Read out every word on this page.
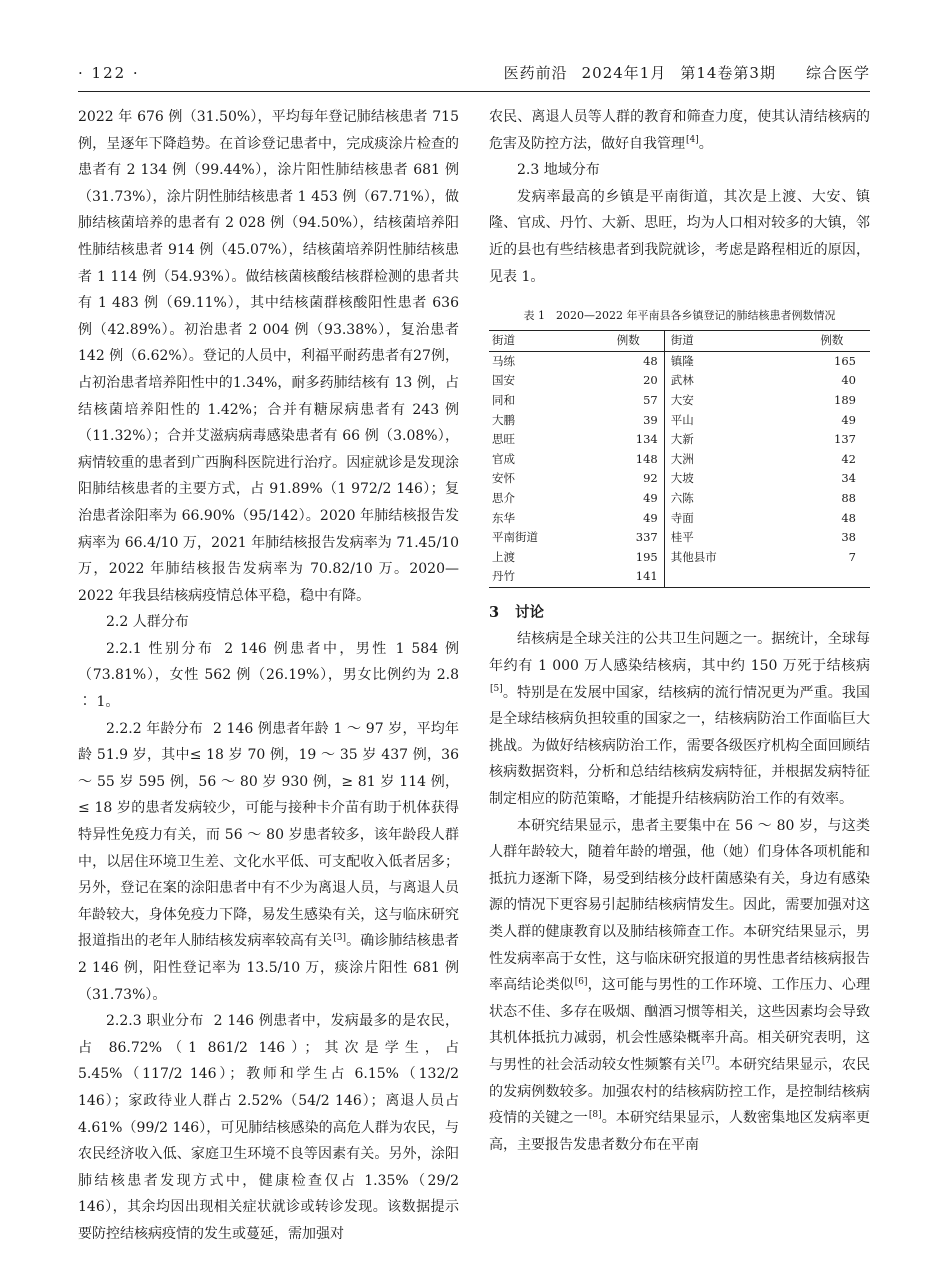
· 122 ·	医药前沿 2024年1月 第14卷第3期 综合医学

2022 年 676 例（31.50%），平均每年登记肺结核患者 715 例，呈逐年下降趋势。在首诊登记患者中，完成痰涂片检查的患者有 2 134 例（99.44%），涂片阳性肺结核患者 681 例（31.73%），涂片阴性肺结核患者 1 453 例（67.71%），做肺结核菌培养的患者有 2 028 例（94.50%），结核菌培养阳性肺结核患者 914 例（45.07%），结核菌培养阴性肺结核患者 1 114 例（54.93%）。做结核菌核酸结核群检测的患者共有 1 483 例（69.11%），其中结核菌群核酸阳性患者 636 例（42.89%）。初治患者 2 004 例（93.38%），复治患者 142 例（6.62%）。登记的人员中，利福平耐药患者有27例，占初治患者培养阳性中的1.34%，耐多药肺结核有 13 例，占结核菌培养阳性的 1.42%；合并有糖尿病患者有 243 例（11.32%）；合并艾滋病病毒感染患者有 66 例（3.08%），病情较重的患者到广西胸科医院进行治疗。因症就诊是发现涂阳肺结核患者的主要方式，占 91.89%（1 972/2 146）；复治患者涂阳率为 66.90%（95/142）。2020 年肺结核报告发病率为 66.4/10 万，2021 年肺结核报告发病率为 71.45/10 万，2022 年肺结核报告发病率为 70.82/10 万。2020—2022 年我县结核病疫情总体平稳，稳中有降。

2.2 人群分布

2.2.1 性别分布 2 146 例患者中，男性 1 584 例（73.81%），女性 562 例（26.19%），男女比例约为 2.8 ∶ 1。

2.2.2 年龄分布 2 146 例患者年龄 1 ～ 97 岁，平均年龄 51.9 岁，其中≤ 18 岁 70 例，19 ～ 35 岁 437 例，36 ～ 55 岁 595 例，56 ～ 80 岁 930 例，≥ 81 岁 114 例，≤ 18 岁的患者发病较少，可能与接种卡介苗有助于机体获得特异性免疫力有关，而 56 ～ 80 岁患者较多，该年龄段人群中，以居住环境卫生差、文化水平低、可支配收入低者居多；另外，登记在案的涂阳患者中有不少为离退人员，与离退人员年龄较大，身体免疫力下降，易发生感染有关，这与临床研究报道指出的老年人肺结核发病率较高有关[3]。确诊肺结核患者 2 146 例，阳性登记率为 13.5/10 万，痰涂片阳性 681 例（31.73%）。

2.2.3 职业分布 2 146 例患者中，发病最多的是农民，占 86.72%（1 861/2 146）；其次是学生，占 5.45%（117/2 146）；教师和学生占 6.15%（132/2 146）；家政待业人群占 2.52%（54/2 146）；离退人员占 4.61%（99/2 146），可见肺结核感染的高危人群为农民，与农民经济收入低、家庭卫生环境不良等因素有关。另外，涂阳肺结核患者发现方式中，健康检查仅占 1.35%（29/2 146），其余均因出现相关症状就诊或转诊发现。该数据提示要防控结核病疫情的发生或蔓延，需加强对

农民、离退人员等人群的教育和筛查力度，使其认清结核病的危害及防控方法，做好自我管理[4]。

2.3 地域分布

发病率最高的乡镇是平南街道，其次是上渡、大安、镇隆、官成、丹竹、大新、思旺，均为人口相对较多的大镇，邻近的县也有些结核患者到我院就诊，考虑是路程相近的原因，见表 1。

表 1　2020—2022 年平南县各乡镇登记的肺结核患者例数情况
街道	例数	街道	例数
马练	48	镇隆	165
国安	20	武林	40
同和	57	大安	189
大鹏	39	平山	49
思旺	134	大新	137
官成	148	大洲	42
安怀	92	大坡	34
思介	49	六陈	88
东华	49	寺面	48
平南街道	337	桂平	38
上渡	195	其他县市	7
丹竹	141		
3 讨论

结核病是全球关注的公共卫生问题之一。据统计，全球每年约有 1 000 万人感染结核病，其中约 150 万死于结核病[5]。特别是在发展中国家，结核病的流行情况更为严重。我国是全球结核病负担较重的国家之一，结核病防治工作面临巨大挑战。为做好结核病防治工作，需要各级医疗机构全面回顾结核病数据资料，分析和总结结核病发病特征，并根据发病特征制定相应的防范策略，才能提升结核病防治工作的有效率。

本研究结果显示，患者主要集中在 56 ～ 80 岁，与这类人群年龄较大，随着年龄的增强，他（她）们身体各项机能和抵抗力逐渐下降，易受到结核分歧杆菌感染有关，身边有感染源的情况下更容易引起肺结核病情发生。因此，需要加强对这类人群的健康教育以及肺结核筛查工作。本研究结果显示，男性发病率高于女性，这与临床研究报道的男性患者结核病报告率高结论类似[6]，这可能与男性的工作环境、工作压力、心理状态不佳、多存在吸烟、酗酒习惯等相关，这些因素均会导致其机体抵抗力减弱，机会性感染概率升高。相关研究表明，这与男性的社会活动较女性频繁有关[7]。本研究结果显示，农民的发病例数较多。加强农村的结核病防控工作，是控制结核病疫情的关键之一[8]。本研究结果显示，人数密集地区发病率更高，主要报告发患者数分布在平南
